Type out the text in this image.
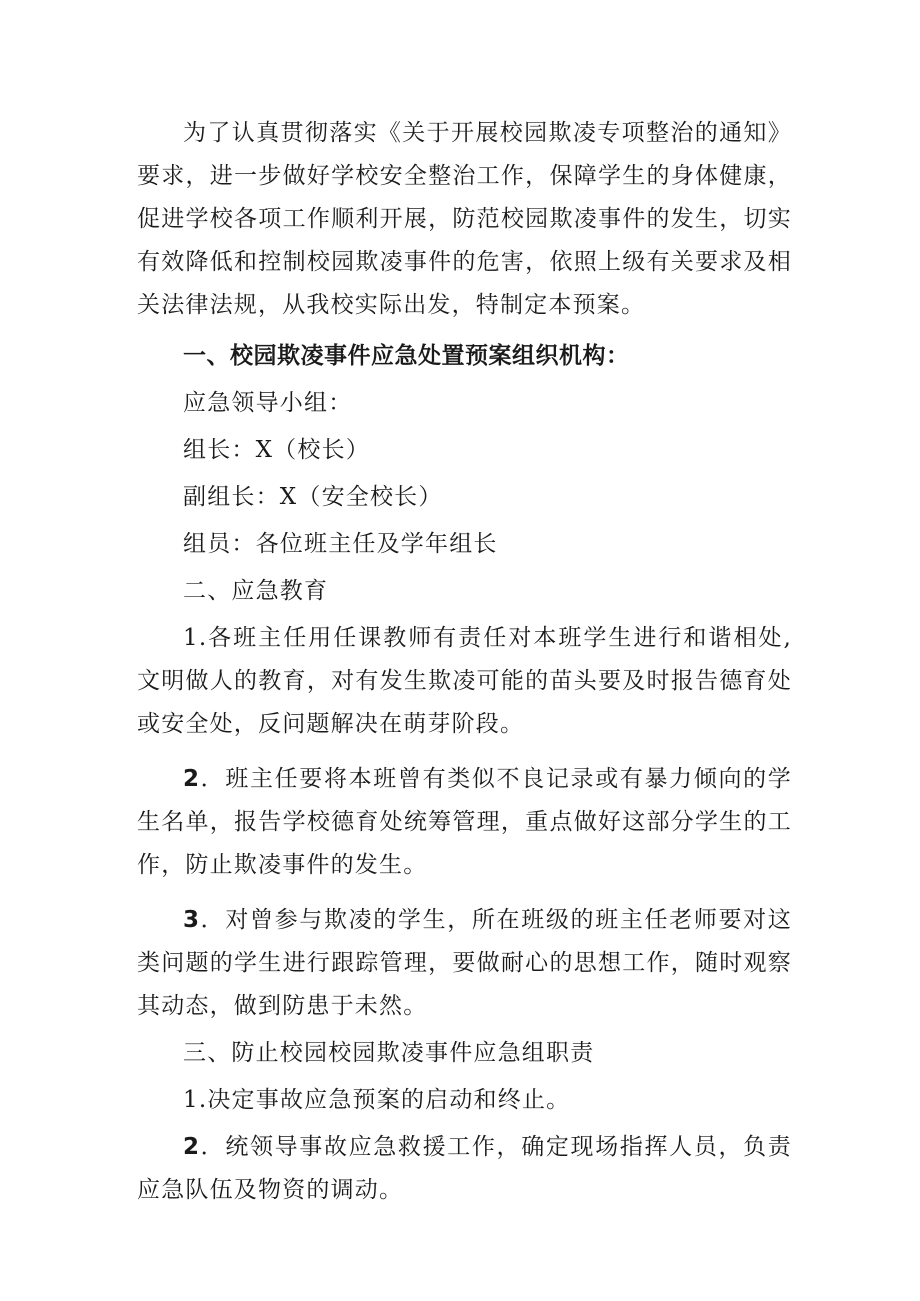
为了认真贯彻落实《关于开展校园欺凌专项整治的通知》要求，进一步做好学校安全整治工作，保障学生的身体健康，促进学校各项工作顺利开展，防范校园欺凌事件的发生，切实有效降低和控制校园欺凌事件的危害，依照上级有关要求及相关法律法规，从我校实际出发，特制定本预案。

一、校园欺凌事件应急处置预案组织机构：

应急领导小组：

组长：X（校长）

副组长：X（安全校长）

组员：各位班主任及学年组长

二、应急教育

1.各班主任用任课教师有责任对本班学生进行和谐相处,文明做人的教育，对有发生欺凌可能的苗头要及时报告德育处或安全处，反问题解决在萌芽阶段。

2．班主任要将本班曾有类似不良记录或有暴力倾向的学生名单，报告学校德育处统筹管理，重点做好这部分学生的工作，防止欺凌事件的发生。

3．对曾参与欺凌的学生，所在班级的班主任老师要对这类问题的学生进行跟踪管理，要做耐心的思想工作，随时观察其动态，做到防患于未然。

三、防止校园校园欺凌事件应急组职责

1.决定事故应急预案的启动和终止。

2．统领导事故应急救援工作，确定现场指挥人员，负责应急队伍及物资的调动。
